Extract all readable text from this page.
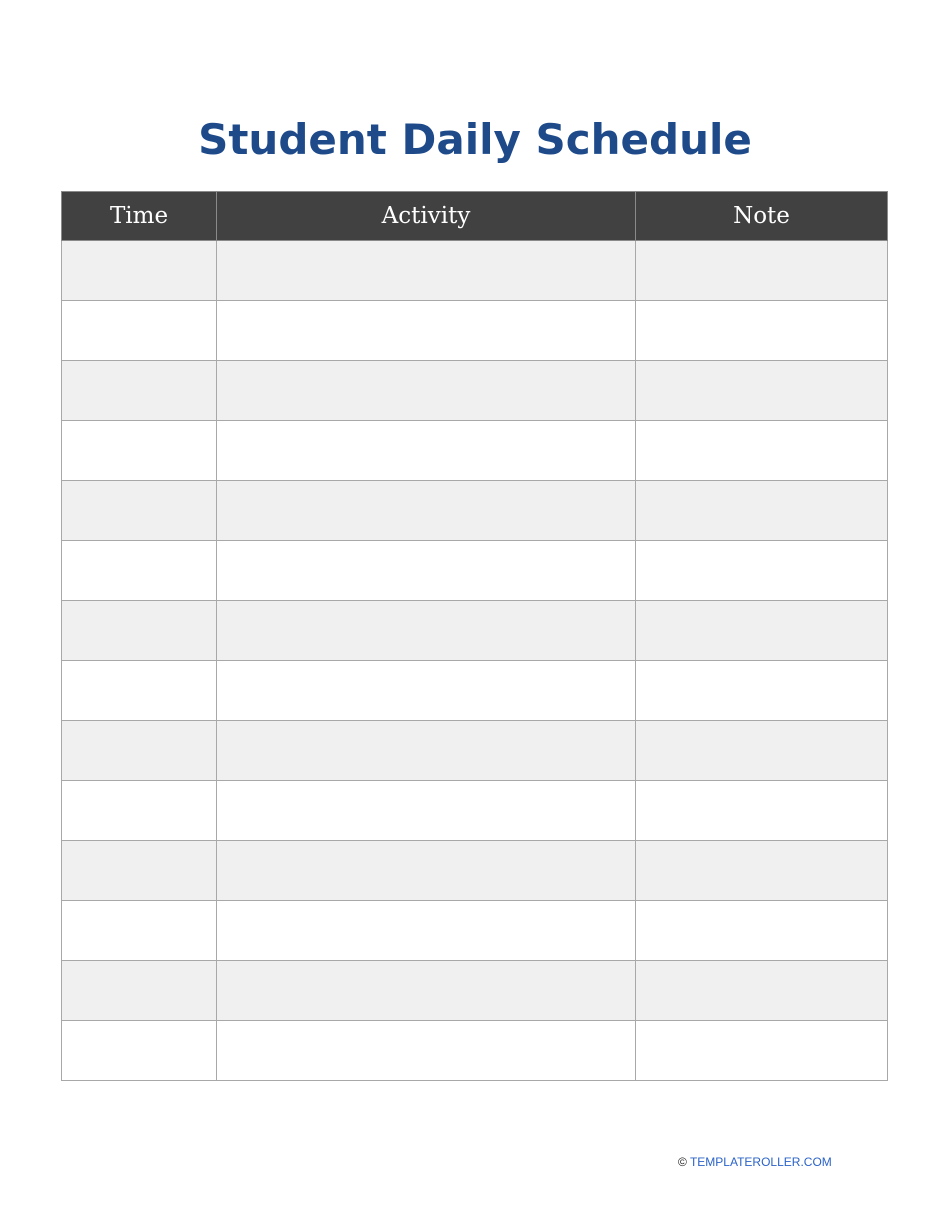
Student Daily Schedule
Time	Activity	Note

© TEMPLATEROLLER.COM
